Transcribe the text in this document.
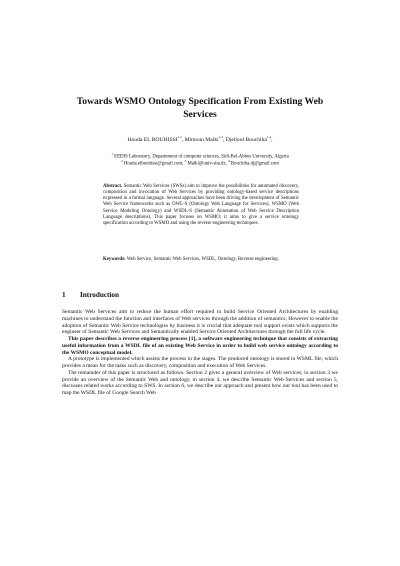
Towards WSMO Ontology Specification From Existing Web Services
Houda EL BOUHISSI$^{1,2}$, Mimoun Malki$^{1,3}$, Djelloul Bouchiha$^{1,4}$,
$^1$ EEDIS Laboratory, Departement of computer sciences, Sidi-Bel-Abbes University, Algeria
$^2$ Houda.elbouhissi@gmail.com, $^3$ Malki@univ-sba.dz, $^4$ Bouchiha.dj@gmail.com
Abstract. Semantic Web Services (SWSs) aim to improve the possibilities for automated discovery, composition and invocation of Web Services by providing ontology-based service descriptions expressed in a formal language. Several approaches have been driving the development of Semantic Web Service frameworks such as OWL-S (Ontology Web Language for Services), WSMO (Web Service Modeling Ontology) and WSDL-S (Semantic Annotation of Web Service Description Language descriptions). This paper focuses on WSMO; it aims to give a service ontology specification according to WSMO and using the reverse engineering techniques.
Keywords: Web Service, Semantic Web Services, WSDL, Ontology, Reverse engineering.
1 Introduction

Semantic Web Services aim to reduce the human effort required to build Service Oriented Architectures by enabling machines to understand the function and interfaces of Web services through the addition of semantics; However to enable the adoption of Semantic Web Service technologies by business it is crucial that adequate tool support exists which supports the engineer of Semantic Web Services and Semantically enabled Service Oriented Architectures through the full life cycle.

This paper describes a reverse engineering process [1], a software engineering technique that consists of extracting useful information from a WSDL file of an existing Web Service in order to build web service ontology according to the WSMO conceptual model.

A prototype is implemented which assists the process in the stages. The produced ontology is stored in WSML file, which provides a mean for the tasks such as discovery, composition and execution of Web Services.

The remainder of this paper is structured as follows. Section 2 gives a general overview of Web services; in section 3 we provide an overview of the Semantic Web and ontology, in section 4, we describe Semantic Web Services and section 5, discusses related works according to SWS. In section 6, we describe our approach and present how our tool has been used to map the WSDL file of Google Search Web
